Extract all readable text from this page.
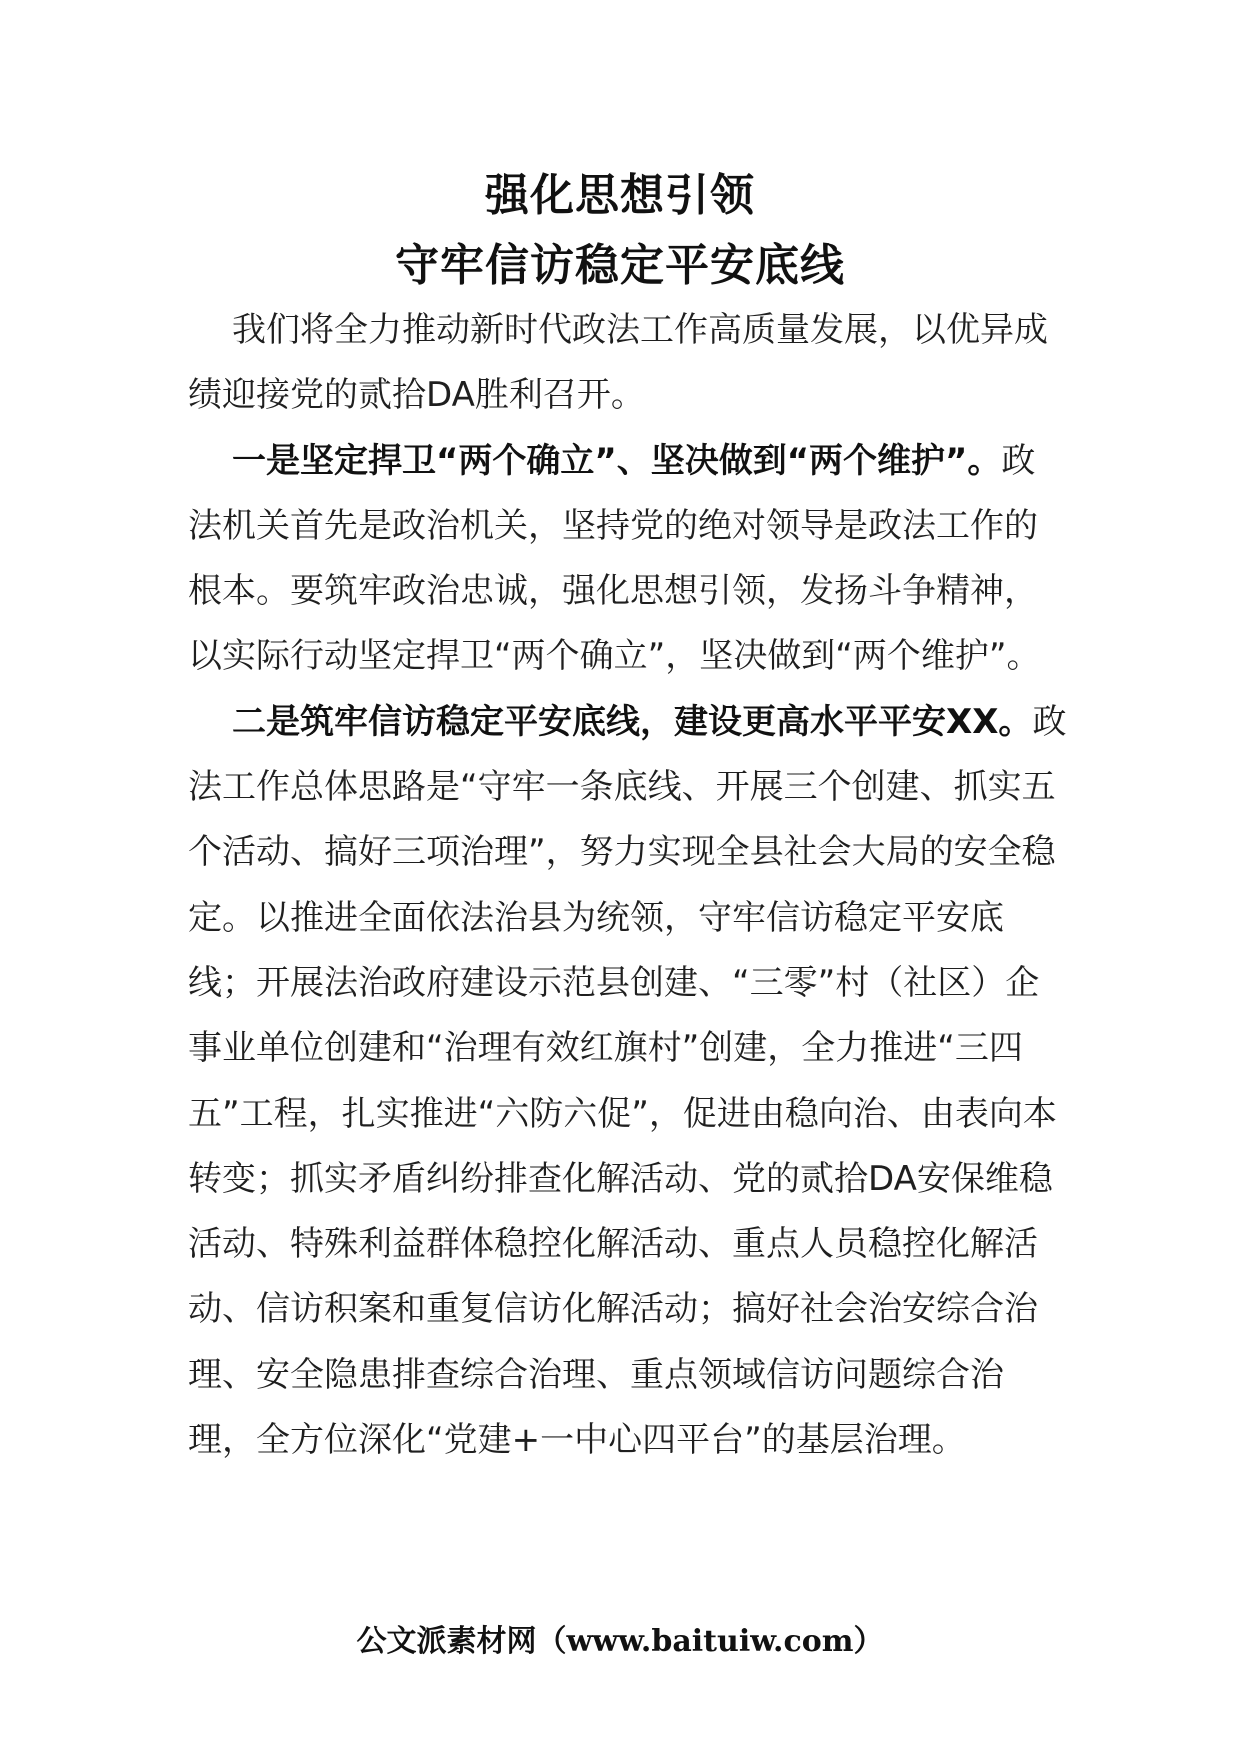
强化思想引领
守牢信访稳定平安底线

我们将全力推动新时代政法工作高质量发展，以优异成绩迎接党的贰拾DA胜利召开。

一是坚定捍卫“两个确立”、坚决做到“两个维护”。政法机关首先是政治机关，坚持党的绝对领导是政法工作的根本。要筑牢政治忠诚，强化思想引领，发扬斗争精神，以实际行动坚定捍卫“两个确立”，坚决做到“两个维护”。

二是筑牢信访稳定平安底线，建设更高水平平安XX。政法工作总体思路是“守牢一条底线、开展三个创建、抓实五个活动、搞好三项治理”，努力实现全县社会大局的安全稳定。以推进全面依法治县为统领，守牢信访稳定平安底线；开展法治政府建设示范县创建、“三零”村（社区）企事业单位创建和“治理有效红旗村”创建，全力推进“三四五”工程，扎实推进“六防六促”，促进由稳向治、由表向本转变；抓实矛盾纠纷排查化解活动、党的贰拾DA安保维稳活动、特殊利益群体稳控化解活动、重点人员稳控化解活动、信访积案和重复信访化解活动；搞好社会治安综合治理、安全隐患排查综合治理、重点领域信访问题综合治理，全方位深化“党建+一中心四平台”的基层治理。

公文派素材网（www.baituiw.com）
